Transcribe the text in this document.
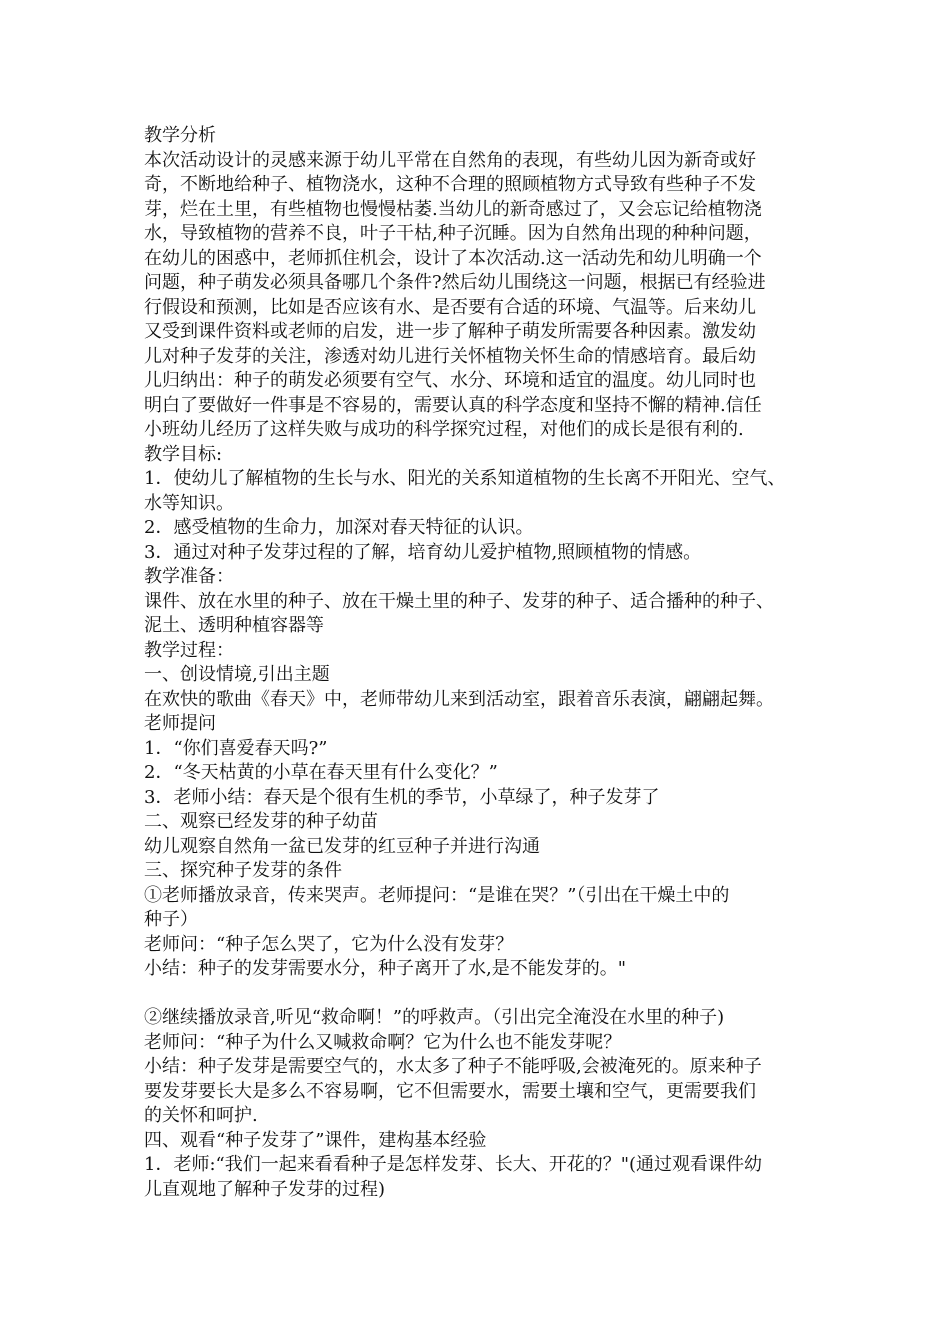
教学分析
本次活动设计的灵感来源于幼儿平常在自然角的表现，有些幼儿因为新奇或好
奇，不断地给种子、植物浇水，这种不合理的照顾植物方式导致有些种子不发
芽，烂在土里，有些植物也慢慢枯萎.当幼儿的新奇感过了，又会忘记给植物浇
水，导致植物的营养不良，叶子干枯,种子沉睡。因为自然角出现的种种问题，
在幼儿的困惑中，老师抓住机会，设计了本次活动.这一活动先和幼儿明确一个
问题，种子萌发必须具备哪几个条件?然后幼儿围绕这一问题，根据已有经验进
行假设和预测，比如是否应该有水、是否要有合适的环境、气温等。后来幼儿
又受到课件资料或老师的启发，进一步了解种子萌发所需要各种因素。激发幼
儿对种子发芽的关注，渗透对幼儿进行关怀植物关怀生命的情感培育。最后幼
儿归纳出：种子的萌发必须要有空气、水分、环境和适宜的温度。幼儿同时也
明白了要做好一件事是不容易的，需要认真的科学态度和坚持不懈的精神.信任
小班幼儿经历了这样失败与成功的科学探究过程，对他们的成长是很有利的.
教学目标:
1．使幼儿了解植物的生长与水、阳光的关系知道植物的生长离不开阳光、空气、
水等知识。
2．感受植物的生命力，加深对春天特征的认识。
3．通过对种子发芽过程的了解，培育幼儿爱护植物,照顾植物的情感。
教学准备：
课件、放在水里的种子、放在干燥土里的种子、发芽的种子、适合播种的种子、
泥土、透明种植容器等
教学过程：
一、创设情境,引出主题
在欢快的歌曲《春天》中，老师带幼儿来到活动室，跟着音乐表演，翩翩起舞。
老师提问
1．“你们喜爱春天吗?”
2．“冬天枯黄的小草在春天里有什么变化？”
3．老师小结：春天是个很有生机的季节，小草绿了，种子发芽了
二、观察已经发芽的种子幼苗
幼儿观察自然角一盆已发芽的红豆种子并进行沟通
三、探究种子发芽的条件
①老师播放录音，传来哭声。老师提问：“是谁在哭？”（引出在干燥土中的
种子）
老师问：“种子怎么哭了，它为什么没有发芽？
小结：种子的发芽需要水分，种子离开了水,是不能发芽的。"
②继续播放录音,听见“救命啊！”的呼救声。（引出完全淹没在水里的种子)
老师问：“种子为什么又喊救命啊？它为什么也不能发芽呢？
小结：种子发芽是需要空气的，水太多了种子不能呼吸,会被淹死的。原来种子
要发芽要长大是多么不容易啊，它不但需要水，需要土壤和空气，更需要我们
的关怀和呵护.
四、观看“种子发芽了”课件，建构基本经验
1．老师:“我们一起来看看种子是怎样发芽、长大、开花的？"(通过观看课件幼
儿直观地了解种子发芽的过程)
